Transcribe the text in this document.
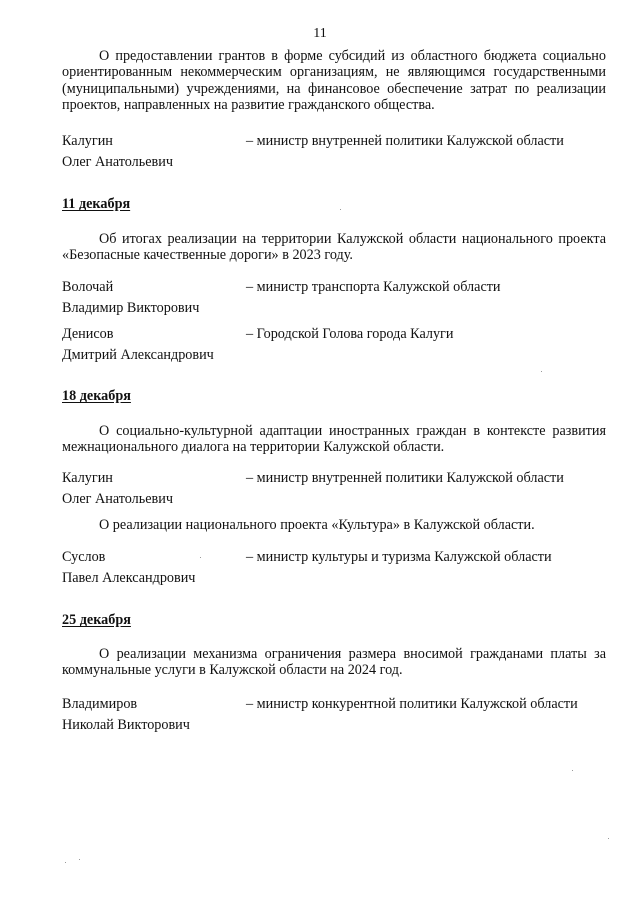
11

О предоставлении грантов в форме субсидий из областного бюджета социально ориентированным некоммерческим организациям, не являющимся государственными (муниципальными) учреждениями, на финансовое обеспечение затрат по реализации проектов, направленных на развитие гражданского общества.

Калугин
Олег Анатольевич
– министр внутренней политики Калужской области
11 декабря

Об итогах реализации на территории Калужской области национального проекта «Безопасные качественные дороги» в 2023 году.

Волочай
Владимир Викторович
– министр транспорта Калужской области
Денисов
Дмитрий Александрович
– Городской Голова города Калуги
18 декабря

О социально-культурной адаптации иностранных граждан в контексте развития межнационального диалога на территории Калужской области.

Калугин
Олег Анатольевич
– министр внутренней политики Калужской области

О реализации национального проекта «Культура» в Калужской области.

Суслов
Павел Александрович
– министр культуры и туризма Калужской области
25 декабря

О реализации механизма ограничения размера вносимой гражданами платы за коммунальные услуги в Калужской области на 2024 год.

Владимиров
Николай Викторович
– министр конкурентной политики Калужской области
